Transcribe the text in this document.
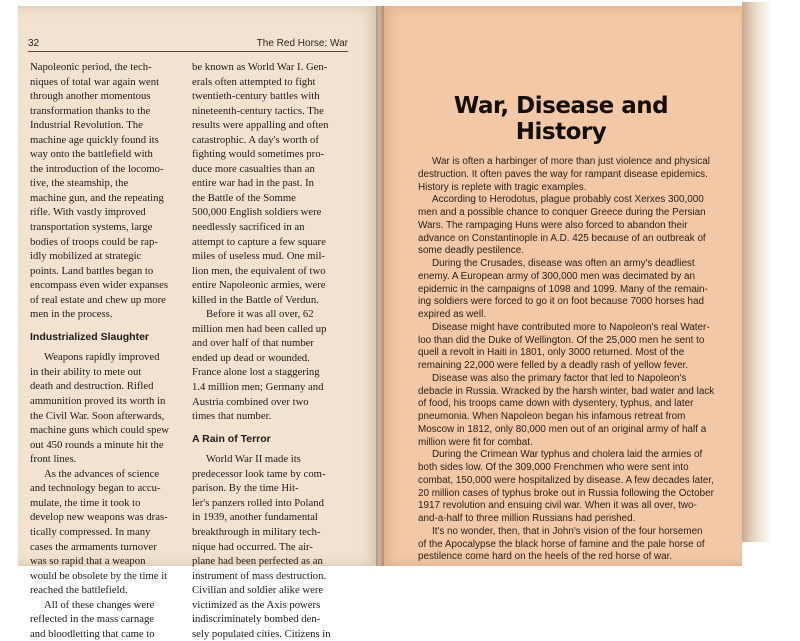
32	The Red Horse: War

Napoleonic period, the tech-
niques of total war again went
through another momentous
transformation thanks to the
Industrial Revolution. The
machine age quickly found its
way onto the battlefield with
the introduction of the locomo-
tive, the steamship, the
machine gun, and the repeating
rifle. With vastly improved
transportation systems, large
bodies of troops could be rap-
idly mobilized at strategic
points. Land battles began to
encompass even wider expanses
of real estate and chew up more
men in the process.

Industrialized Slaughter

Weapons rapidly improved
in their ability to mete out
death and destruction. Rifled
ammunition proved its worth in
the Civil War. Soon afterwards,
machine guns which could spew
out 450 rounds a minute hit the
front lines.

As the advances of science
and technology began to accu-
mulate, the time it took to
develop new weapons was dras-
tically compressed. In many
cases the armaments turnover
was so rapid that a weapon
would be obsolete by the time it
reached the battlefield.

All of these changes were
reflected in the mass carnage
and bloodletting that came to

be known as World War I. Gen-
erals often attempted to fight
twentieth-century battles with
nineteenth-century tactics. The
results were appalling and often
catastrophic. A day's worth of
fighting would sometimes pro-
duce more casualties than an
entire war had in the past. In
the Battle of the Somme
500,000 English soldiers were
needlessly sacrificed in an
attempt to capture a few square
miles of useless mud. One mil-
lion men, the equivalent of two
entire Napoleonic armies, were
killed in the Battle of Verdun.

Before it was all over, 62
million men had been called up
and over half of that number
ended up dead or wounded.
France alone lost a staggering
1.4 million men; Germany and
Austria combined over two
times that number.

A Rain of Terror

World War II made its
predecessor look tame by com-
parison. By the time Hit-
ler's panzers rolled into Poland
in 1939, another fundamental
breakthrough in military tech-
nique had occurred. The air-
plane had been perfected as an
instrument of mass destruction.
Civilian and soldier alike were
victimized as the Axis powers
indiscriminately bombed den-
sely populated cities. Citizens in

War, Disease and
History
War is often a harbinger of more than just violence and physical
destruction. It often paves the way for rampant disease epidemics.
History is replete with tragic examples.
According to Herodotus, plague probably cost Xerxes 300,000
men and a possible chance to conquer Greece during the Persian
Wars. The rampaging Huns were also forced to abandon their
advance on Constantinople in A.D. 425 because of an outbreak of
some deadly pestilence.
During the Crusades, disease was often an army's deadliest
enemy. A European army of 300,000 men was decimated by an
epidemic in the campaigns of 1098 and 1099. Many of the remain-
ing soldiers were forced to go it on foot because 7000 horses had
expired as well.
Disease might have contributed more to Napoleon's real Water-
loo than did the Duke of Wellington. Of the 25,000 men he sent to
quell a revolt in Haiti in 1801, only 3000 returned. Most of the
remaining 22,000 were felled by a deadly rash of yellow fever.
Disease was also the primary factor that led to Napoleon's
debacle in Russia. Wracked by the harsh winter, bad water and lack
of food, his troops came down with dysentery, typhus, and later
pneumonia. When Napoleon began his infamous retreat from
Moscow in 1812, only 80,000 men out of an original army of half a
million were fit for combat.
During the Crimean War typhus and cholera laid the armies of
both sides low. Of the 309,000 Frenchmen who were sent into
combat, 150,000 were hospitalized by disease. A few decades later,
20 million cases of typhus broke out in Russia following the October
1917 revolution and ensuing civil war. When it was all over, two-
and-a-half to three million Russians had perished.
It's no wonder, then, that in John's vision of the four horsemen
of the Apocalypse the black horse of famine and the pale horse of
pestilence come hard on the heels of the red horse of war.
